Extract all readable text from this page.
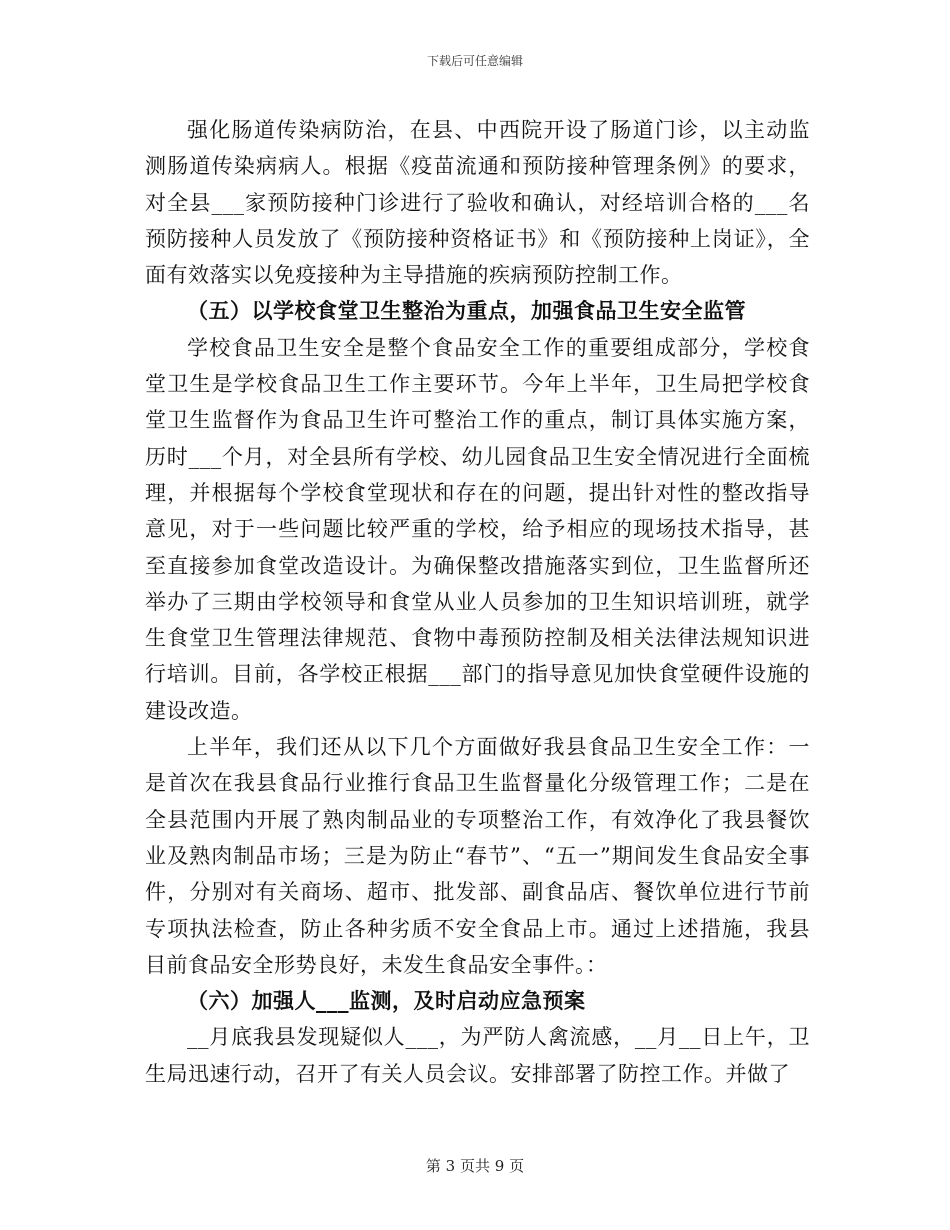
下载后可任意编辑

强化肠道传染病防治，在县、中西院开设了肠道门诊，以主动监测肠道传染病病人。根据《疫苗流通和预防接种管理条例》的要求，对全县___家预防接种门诊进行了验收和确认，对经培训合格的___名预防接种人员发放了《预防接种资格证书》和《预防接种上岗证》，全面有效落实以免疫接种为主导措施的疾病预防控制工作。

（五）以学校食堂卫生整治为重点，加强食品卫生安全监管

学校食品卫生安全是整个食品安全工作的重要组成部分，学校食堂卫生是学校食品卫生工作主要环节。今年上半年，卫生局把学校食堂卫生监督作为食品卫生许可整治工作的重点，制订具体实施方案，历时___个月，对全县所有学校、幼儿园食品卫生安全情况进行全面梳理，并根据每个学校食堂现状和存在的问题，提出针对性的整改指导意见，对于一些问题比较严重的学校，给予相应的现场技术指导，甚至直接参加食堂改造设计。为确保整改措施落实到位，卫生监督所还举办了三期由学校领导和食堂从业人员参加的卫生知识培训班，就学生食堂卫生管理法律规范、食物中毒预防控制及相关法律法规知识进行培训。目前，各学校正根据___部门的指导意见加快食堂硬件设施的建设改造。

上半年，我们还从以下几个方面做好我县食品卫生安全工作：一是首次在我县食品行业推行食品卫生监督量化分级管理工作；二是在全县范围内开展了熟肉制品业的专项整治工作，有效净化了我县餐饮业及熟肉制品市场；三是为防止“春节”、“五一”期间发生食品安全事件，分别对有关商场、超市、批发部、副食品店、餐饮单位进行节前专项执法检查，防止各种劣质不安全食品上市。通过上述措施，我县目前食品安全形势良好，未发生食品安全事件。：

（六）加强人___监测，及时启动应急预案

__月底我县发现疑似人___，为严防人禽流感，__月__日上午，卫生局迅速行动，召开了有关人员会议。安排部署了防控工作。并做了

第 3 页共 9 页
